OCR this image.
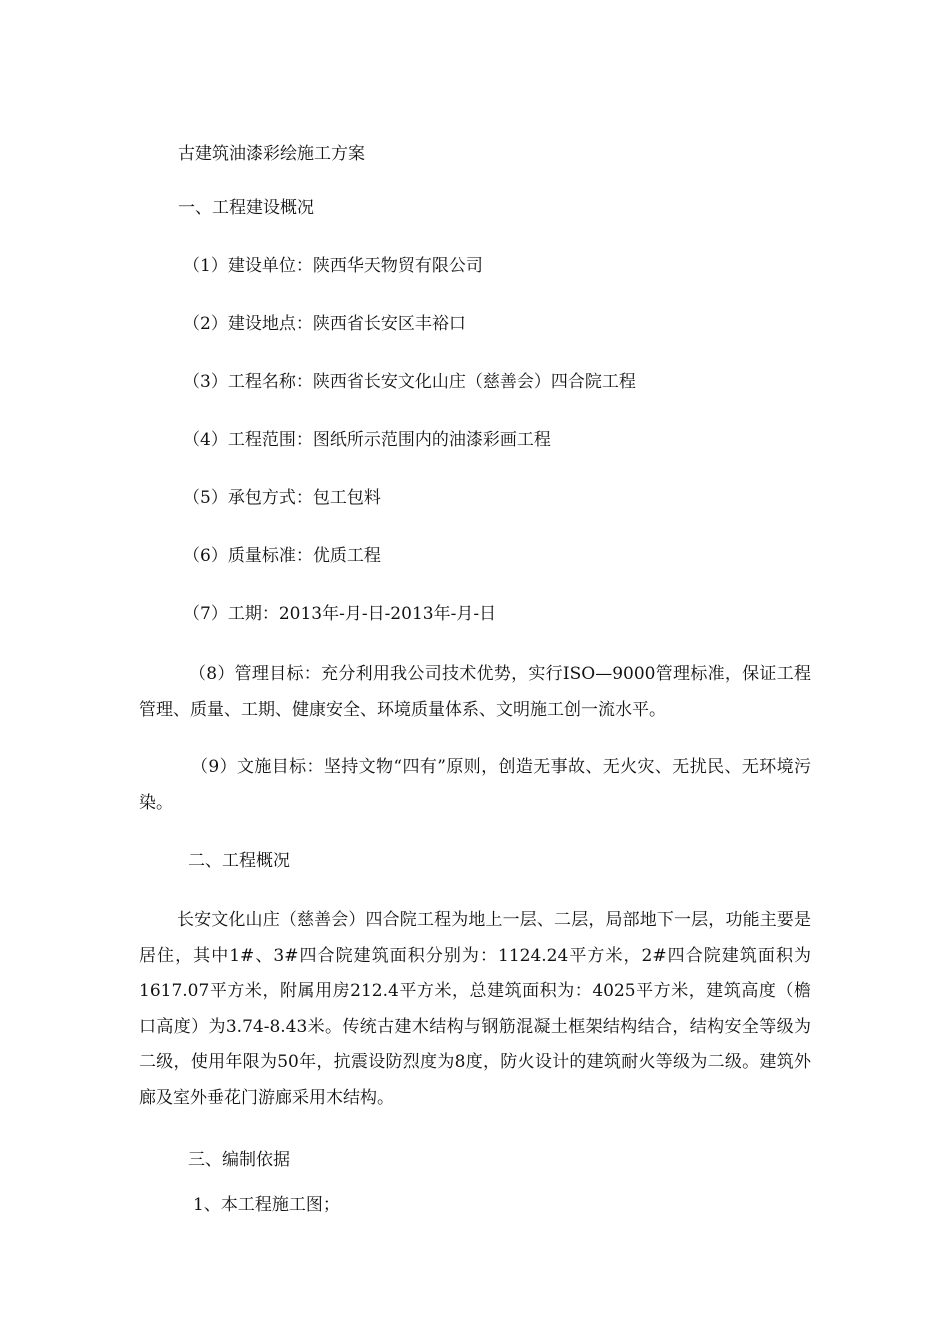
古建筑油漆彩绘施工方案
一、工程建设概况
（1）建设单位：陕西华天物贸有限公司
（2）建设地点：陕西省长安区丰裕口
（3）工程名称：陕西省长安文化山庄（慈善会）四合院工程
（4）工程范围：图纸所示范围内的油漆彩画工程
（5）承包方式：包工包料
（6）质量标准：优质工程
（7）工期：2013年-月-日-2013年-月-日
（8）管理目标：充分利用我公司技术优势，实行ISO—9000管理标准，保证工程管理、质量、工期、健康安全、环境质量体系、文明施工创一流水平。
（9）文施目标：坚持文物“四有”原则，创造无事故、无火灾、无扰民、无环境污染。
二、工程概况
长安文化山庄（慈善会）四合院工程为地上一层、二层，局部地下一层，功能主要是居住，其中1#、3#四合院建筑面积分别为：1124.24平方米，2#四合院建筑面积为1617.07平方米，附属用房212.4平方米，总建筑面积为：4025平方米，建筑高度（檐口高度）为3.74-8.43米。传统古建木结构与钢筋混凝土框架结构结合，结构安全等级为二级，使用年限为50年，抗震设防烈度为8度，防火设计的建筑耐火等级为二级。建筑外廊及室外垂花门游廊采用木结构。
三、编制依据
1、本工程施工图；
